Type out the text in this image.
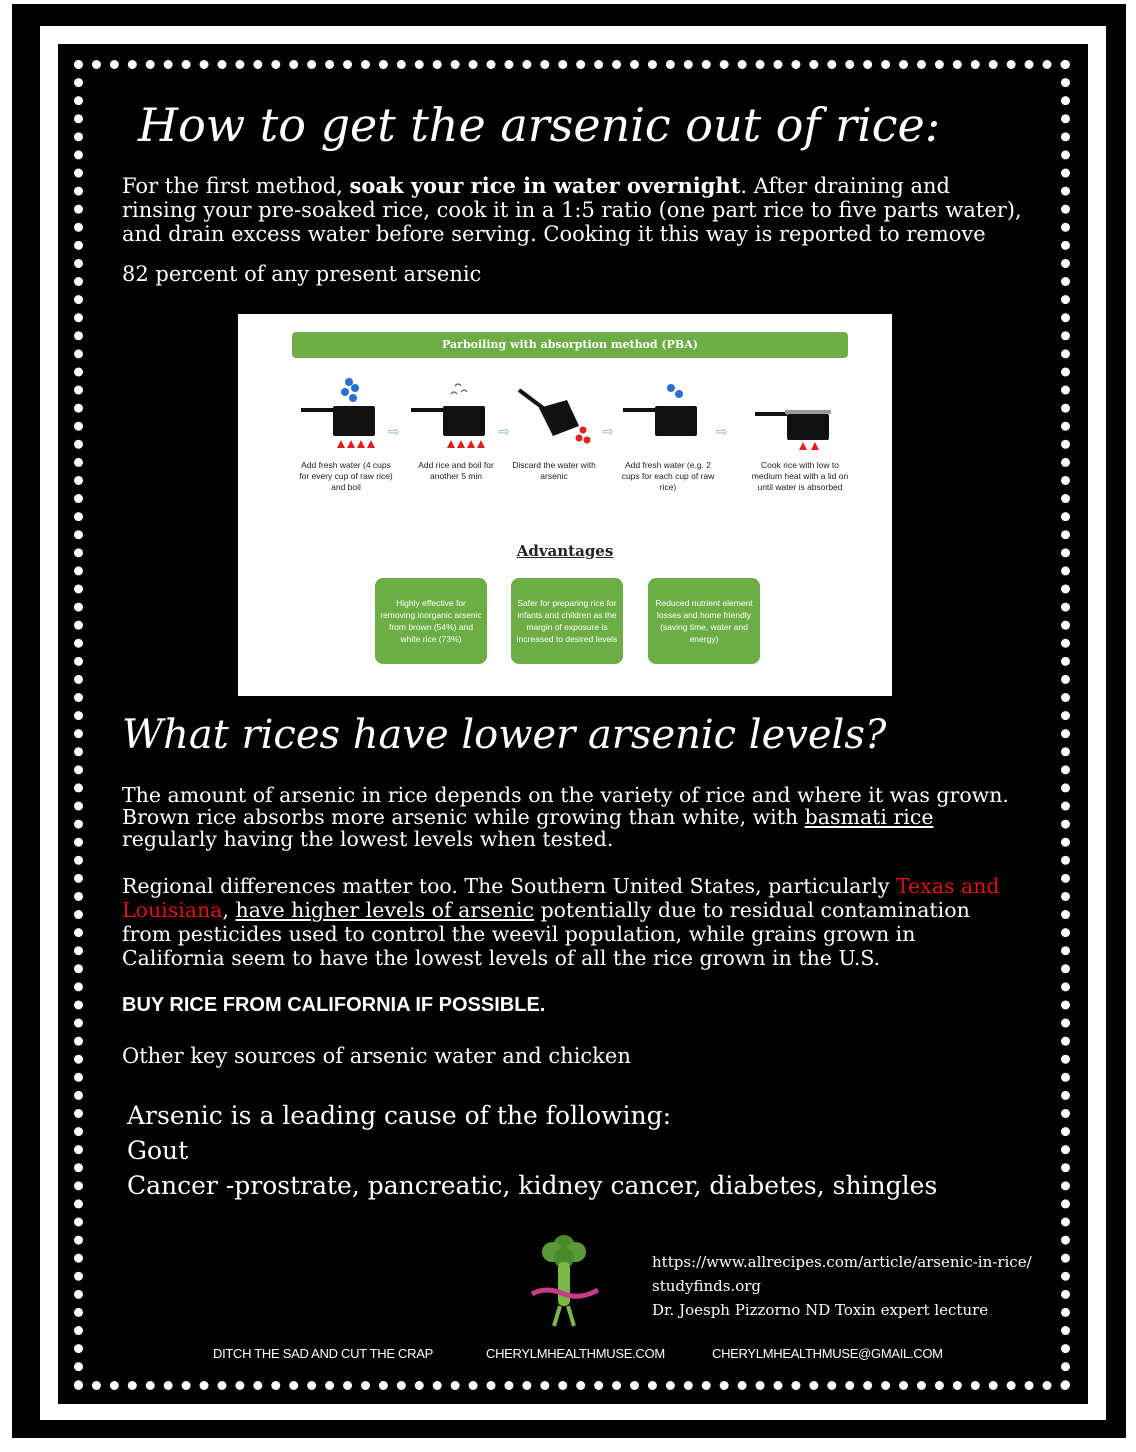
How to get the arsenic out of rice:
For the first method, soak your rice in water overnight. After draining and rinsing your pre-soaked rice, cook it in a 1:5 ratio (one part rice to five parts water), and drain excess water before serving. Cooking it this way is reported to remove
82 percent of any present arsenic
Parboiling with absorption method (PBA)
Add fresh water (4 cups for every cup of raw rice) and boil
⇨
Add rice and boil for another 5 min
⇨
Discard the water with arsenic
⇨
Add fresh water (e.g. 2 cups for each cup of raw rice)
⇨
Cook rice with low to medium heat with a lid on until water is absorbed
Advantages
Highly effective for removing inorganic arsenic from brown (54%) and white rice (73%)
Safer for preparing rice for infants and children as the margin of exposure is increased to desired levels
Reduced nutrient element losses and home friendly (saving time, water and energy)
What rices have lower arsenic levels?
The amount of arsenic in rice depends on the variety of rice and where it was grown. Brown rice absorbs more arsenic while growing than white, with basmati rice regularly having the lowest levels when tested.
Regional differences matter too. The Southern United States, particularly Texas and Louisiana, have higher levels of arsenic potentially due to residual contamination from pesticides used to control the weevil population, while grains grown in California seem to have the lowest levels of all the rice grown in the U.S.
BUY RICE FROM CALIFORNIA IF POSSIBLE.
Other key sources of arsenic water and chicken
Arsenic is a leading cause of the following:
Gout
Cancer -prostrate, pancreatic, kidney cancer, diabetes, shingles
https://www.allrecipes.com/article/arsenic-in-rice/
studyfinds.org
Dr. Joesph Pizzorno ND Toxin expert lecture
DITCH THE SAD AND CUT THE CRAP	CHERYLMHEALTHMUSE.COM	CHERYLMHEALTHMUSE@GMAIL.COM
